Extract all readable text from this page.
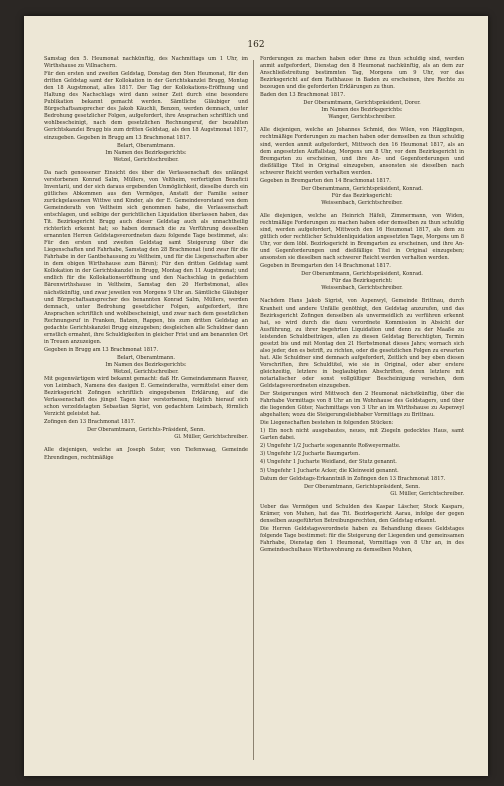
162

Samstag den 5. Heumonat nachkünftig, des Nachmittags um 1 Uhr, im Wirthshause zu Villnachern.

Für den ersten und zweiten Geldstag, Donstag den 5ten Heumonat, für den dritten Geldstag samt der Kollokation in der Gerichtskanzlei Brugg, Montag den 18 Augstmonat, alles 1817. Der Tag der Kollokations-Eröffnung und Haltung des Nachschlags wird dann seiner Zeit durch eine besondere Publikation bekannt gemacht werden. Sämtliche Gläubiger und Bürgschaftsansprecher des Jakob Käuchli, Benzen, werden demnach, unter Bedrohung gesetzlicher Folgen, aufgefordert, ihre Ansprachen schriftlich und wohlbescheinigt, nach dem gesetzlichen Rechnungsruf, der bezahlten Gerichtskanzlei Brugg bis zum dritten Geldstag, als den 18 Augstmonat 1817, einzugeben. Gegeben in Brugg am 13 Brachmonat 1817.

Belart, Oberamtmann.

Im Namen des Bezirksgerichts:

Wetzel, Gerichtschreiber.

Da nach genossener Einsicht des über die Verlassenschaft des unlängst verstorbenen Konrad Salm, Müllers, von Veltheim, verfertigten Beneficii Inventarii, und der sich daraus ergebenden Unmöglichkeit, dieselbe durch ein gütliches Abkommen aus den Vermögen, Anstatt der Familie seiner zurückgelassenen Wittwe und Kinder, als der E. Gemeindevorstand von dem Gemeinderath von Veltheim sich genommen habe, die Verlassenschaft entschlagen, und selbige der gerichtlichen Liquidation überlassen haben, das Tit. Bezirksgericht Brugg auch dieser Geldstag auch als unnachtheilig richterlich erkennt hat; so haben demnach die zu Verführung desselben ernannten Herren Geldstagsverordneten dazu folgende Tage bestimmet, als: Für den ersten und zweiten Geldstag samt Steigerung über die Liegenschaften und Fahrhabe, Samstag den 28 Brachmonat (und zwar für die Fahrhabe in der Gantbehausung zu Veltheim, und für die Liegenschaften aber in dem obigen Wirthshause zum Bären); Für den dritten Geldstag samt Kollokation in der Gerichtskanzlei in Brugg, Montag den 11 Augstmonat; und endlich für die Kollokationseröffnung und den Nachschlag in gedachtem Bärenwirthshause in Veltheim, Samstag den 20 Herbstmonat, alles nächstkünftig, und zwar jeweilen von Morgens 9 Uhr an. Sämtliche Gläubiger und Bürgschaftsansprecher des benannten Konrad Salm, Müllers, werden demnach, unter Bedrohung gesetzlicher Folgen, aufgefordert, ihre Ansprachen schriftlich und wohlbescheinigt, und zwar nach dem gesetzlichen Rechnungsruf in Franken, Batzen, Rappen, bis zum dritten Geldstag an gedachte Gerichtskanzlei Brugg einzugeben; desgleichen alle Schuldner dann ernstlich ermahnt, ihre Schuldigkeiten in gleicher Frist und am benannten Ort in Treuen anzuzeigen.

Gegeben in Brugg am 13 Brachmonat 1817.

Belart, Oberamtmann.

Im Namen des Bezirksgerichts:

Wetzel, Gerichtschreiber.

Mit gegenwärtigem wird bekannt gemacht: daß Hr. Gemeindammann Rauver, von Leimbach, Namens des dasigen E. Gemeinderaths, vermittelst einer dem Bezirksgericht Zofingen schriftlich eingegebenen Erklärung, auf die Verlassenschaft des jüngst Tagen hier verstorbenen, folglich hierauf sich schon verzeldstagten Sebastian Sigrist, von gedachtem Leimbach, förmlich Verzicht geleistet hat.

Zofingen den 13 Brachmonat 1817.

Der Oberamtmann, Gerichts-Präsident, Senn.

Gl. Müller, Gerichtschreiber.

Alle diejenigen, welche an Joseph Suter, von Tiefenwaag, Gemeinde Ehrendingen, rechtmäßige

Forderungen zu machen haben oder ihme zu thun schuldig sind, werden anmit aufgefordert, Dienstag den 8 Heumonat nachkünftig, als an dem zur Anschließstreitung bestimmten Tag, Morgens um 9 Uhr, vor das Bezirksgericht auf dem Rathhause in Baden zu erscheinen, ihre Rechte zu bezeugen und die geforderten Erklärungen zu thun.

Baden den 13 Brachmonat 1817.

Der Oberamtmann, Gerichtspräsident, Dorer.

Im Namen des Bezirksgerichts:

Wanger, Gerichtschreiber.

Alle diejenigen, welche an Johannes Schmid, des Wilen, von Hägglingen, rechtmäßige Forderungen zu machen haben oder demselben zu thun schuldig sind, werden anmit aufgefordert, Mittwoch den 16 Heumonat 1817, als an dem angesetzten Auffallstag, Morgens um 8 Uhr, vor dem Bezirksgericht in Bremgarten zu erscheinen, und ihre An- und Gegenforderungen und dießfällige Titel in Original einzugeben, ansonsten sie dieselben nach schwerer Reicht werden verhalten werden.

Gegeben in Bremgarten den 14 Brachmonat 1817.

Der Oberamtmann, Gerichtspräsident, Konrad.

Für das Bezirksgericht:

Weissenbach, Gerichtschreiber.

Alle diejenigen, welche an Heinrich Häfeli, Zimmermann, von Widen, rechtmäßige Forderungen zu machen haben oder demselben zu thun schuldig sind, werden aufgefordert, Mittwoch den 16 Heumonat 1817, als dem zu gütlich oder rechtlicher Schuldenliquidation angesetzten Tage, Morgens um 8 Uhr, vor dem löbl. Bezirksgericht in Bremgarten zu erscheinen, und ihre An- und Gegenforderungen und dießfällige Titel in Original einzugeben; ansonsten sie dieselben nach schwerer Reicht werden verhalten werden.

Gegeben in Bremgarten den 14 Brachmonat 1817.

Der Oberamtmann, Gerichtspräsident, Konrad.

Für das Bezirksgericht:

Weissenbach, Gerichtschreiber.

Nachdem Hans Jakob Sigrist, von Aspenwyl, Gemeinde Brittnau, durch Kranheit und andere Unfälle genöthigt, den Geldstag anzurufen, und das Bezirksgericht Zofingen denselben als unvermeidlich zu verführen erkennt hat, so wird durch die dazu verordnete Kommission in Absicht der Ausführung, zu ihrer begehrten Liquidation und denn zu der Maaße zu leistenden Schuldbeiträgen, allen zu diesen Geldstag Berechtigten, Termin gesetzt bis und mit Montag den 21 Herbstmonat dieses Jahrs; wornach sich also jeder, den es betrift, zu richten, oder die gesetzlichen Folgen zu erwarten hat. Alle Schuldner sind demnach aufgefordert, Zeitlich und bey eben diesen Vorschriften, ihre Schuldtitel, wie sie in Original, oder aber erstere gleichzeitig, letztere in beglaubigten Abschriften, deren letztere mit notarialischer oder sonst vollgültiger Bescheinigung versehen, dem Geldstagsverordneten einzugeben.

Der Steigerungen wird Mittwoch den 2 Heumonat nächstkünftig, über die Fahrhabe Vormittags von 8 Uhr an im Wohnhause des Geldstagers, und über die liegenden Güter, Nachmittags von 3 Uhr an im Wirthshause zu Aspenwyl abgehalten; wozu die Steigerungsliebhaber Vormittags zu Brittnau.

Die Liegenschaften bestehen in folgenden Stücken:

1) Ein noch nicht ausgebautes, neues, mit Ziegeln gedecktes Haus, samt Garten dabei.

2) Ungefehr 1/2 Jucharte sogenannte Roßweyermatte.

3) Ungefehr 1/2 Jucharte Baumgarten.

4) Ungefehr 1 Jucharte Weidland, der Stutz genannt.

5) Ungefehr 1 Jucharte Acker, die Kleinweid genannt.

Datum der Geldstags-Erkanntniß in Zofingen den 13 Brachmonat 1817.

Der Oberamtmann, Gerichtspräsident, Senn.

Gl. Müller, Gerichtschreiber.

Ueber das Vermögen und Schulden des Kaspar Läscher, Stock Kaspars, Krämer, von Muhen, hat das Tit. Bezirksgericht Aarau, infolge der gegen denselben ausgeführten Betreibungsrechten, den Geldstag erkannt.

Die Herren Geldstagsverordnete haben zu Behandlung dieses Geldstages folgende Tage bestimmet: für die Steigerung der Liegenden und gemeinsamen Fahrhabe, Dienstag den 1 Heumonat, Vormittags von 8 Uhr an, in des Gemeindsschulhaus Wirthswohnung zu demselben Muhen,
